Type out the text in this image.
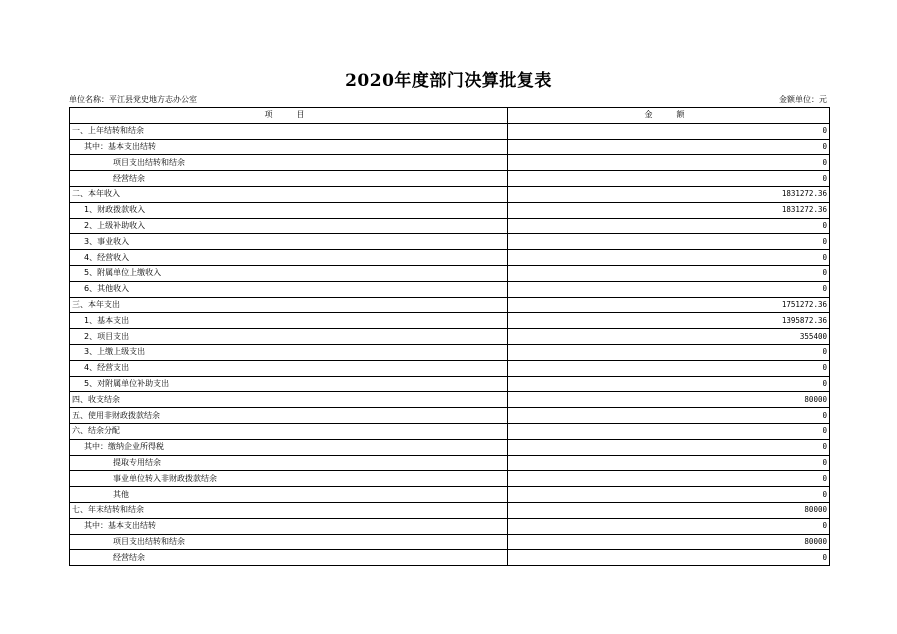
2020年度部门决算批复表
单位名称：平江县党史地方志办公室	金额单位：元
项　目	金　额
一、上年结转和结余	0
其中：基本支出结转	0
项目支出结转和结余	0
经营结余	0
二、本年收入	1831272.36
1、财政拨款收入	1831272.36
2、上级补助收入	0
3、事业收入	0
4、经营收入	0
5、附属单位上缴收入	0
6、其他收入	0
三、本年支出	1751272.36
1、基本支出	1395872.36
2、项目支出	355400
3、上缴上级支出	0
4、经营支出	0
5、对附属单位补助支出	0
四、收支结余	80000
五、使用非财政拨款结余	0
六、结余分配	0
其中：缴纳企业所得税	0
提取专用结余	0
事业单位转入非财政拨款结余	0
其他	0
七、年末结转和结余	80000
其中：基本支出结转	0
项目支出结转和结余	80000
经营结余	0
